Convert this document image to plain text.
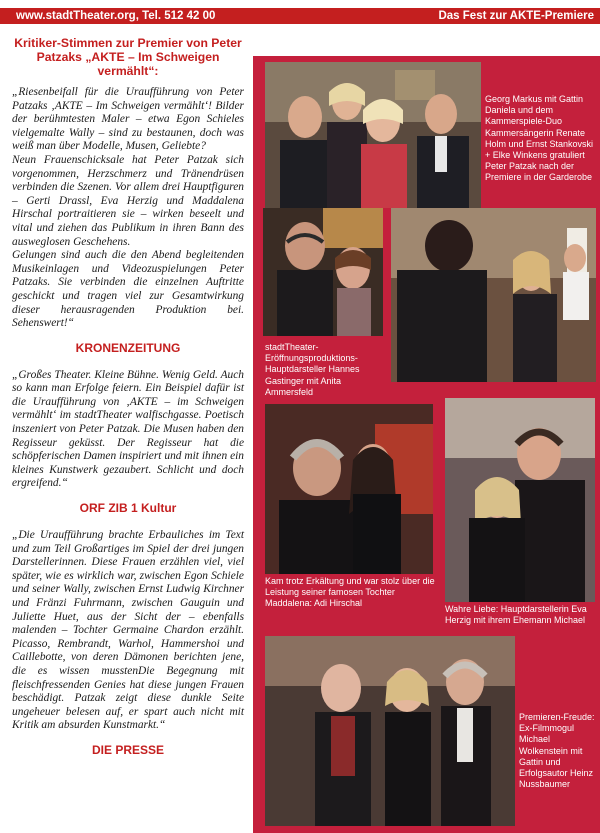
www.stadtTheater.org, Tel. 512 42 00	Das Fest zur AKTE-Premiere

Kritiker-Stimmen zur Premier von Peter Patzaks „AKTE – Im Schweigen vermählt“:

„Riesenbeifall für die Uraufführung von Peter Patzaks ‚AKTE – Im Schweigen vermählt‘! Bilder der berühmtesten Maler – etwa Egon Schieles vielgemalte Wally – sind zu bestaunen, doch was weiß man über Modelle, Musen, Geliebte?
Neun Frauenschicksale hat Peter Patzak sich vorgenommen, Herzschmerz und Tränendrüsen verbinden die Szenen. Vor allem drei Hauptfiguren – Gerti Drassl, Eva Herzig und Maddalena Hirschal portraitieren sie – wirken beseelt und vital und ziehen das Publikum in ihren Bann des ausweglosen Geschehens.
Gelungen sind auch die den Abend begleitenden Musikeinlagen und Videozuspielungen Peter Patzaks. Sie verbinden die einzelnen Auftritte geschickt und tragen viel zur Gesamtwirkung dieser herausragenden Produktion bei. Sehenswert!“

KRONENZEITUNG

„Großes Theater. Kleine Bühne. Wenig Geld. Auch so kann man Erfolge feiern. Ein Beispiel dafür ist die Uraufführung von ‚AKTE – im Schweigen vermählt‘ im stadtTheater walfischgasse. Poetisch inszeniert von Peter Patzak. Die Musen haben den Regisseur geküsst. Der Regisseur hat die schöpferischen Damen inspiriert und mit ihnen ein kleines Kunstwerk gezaubert. Schlicht und doch ergreifend.“

ORF ZIB 1 Kultur

„Die Uraufführung brachte Erbauliches im Text und zum Teil Großartiges im Spiel der drei jungen Darstellerinnen. Diese Frauen erzählen viel, viel später, wie es wirklich war, zwischen Egon Schiele und seiner Wally, zwischen Ernst Ludwig Kirchner und Fränzi Fuhrmann, zwischen Gauguin und Juliette Huet, aus der Sicht der – ebenfalls malenden – Tochter Germaine Chardon erzählt. Picasso, Rembrandt, Warhol, Hammershoi und Caillebotte, von deren Dämonen berichten jene, die es wissen musstenDie Begegnung mit fleischfressenden Genies hat diese jungen Frauen beschädigt. Patzak zeigt diese dunkle Seite ungeheuer belesen auf, er spart auch nicht mit Kritik am absurden Kunstmarkt.“

DIE PRESSE

Georg Markus mit Gattin Daniela und dem Kammerspiele-Duo Kammersängerin Renate Holm und Ernst Stankovski + Elke Winkens gratuliert Peter Patzak nach der Premiere in der Garderobe
stadtTheater-Eröffnungsproduktions-Hauptdarsteller Hannes Gastinger mit Anita Ammersfeld
Kam trotz Erkältung und war stolz über die Leistung seiner famosen Tochter Maddalena: Adi Hirschal
Wahre Liebe: Hauptdarstellerin Eva Herzig mit ihrem Ehemann Michael
Premieren-Freude: Ex-Filmmogul Michael Wolkenstein mit Gattin und Erfolgsautor Heinz Nussbaumer
